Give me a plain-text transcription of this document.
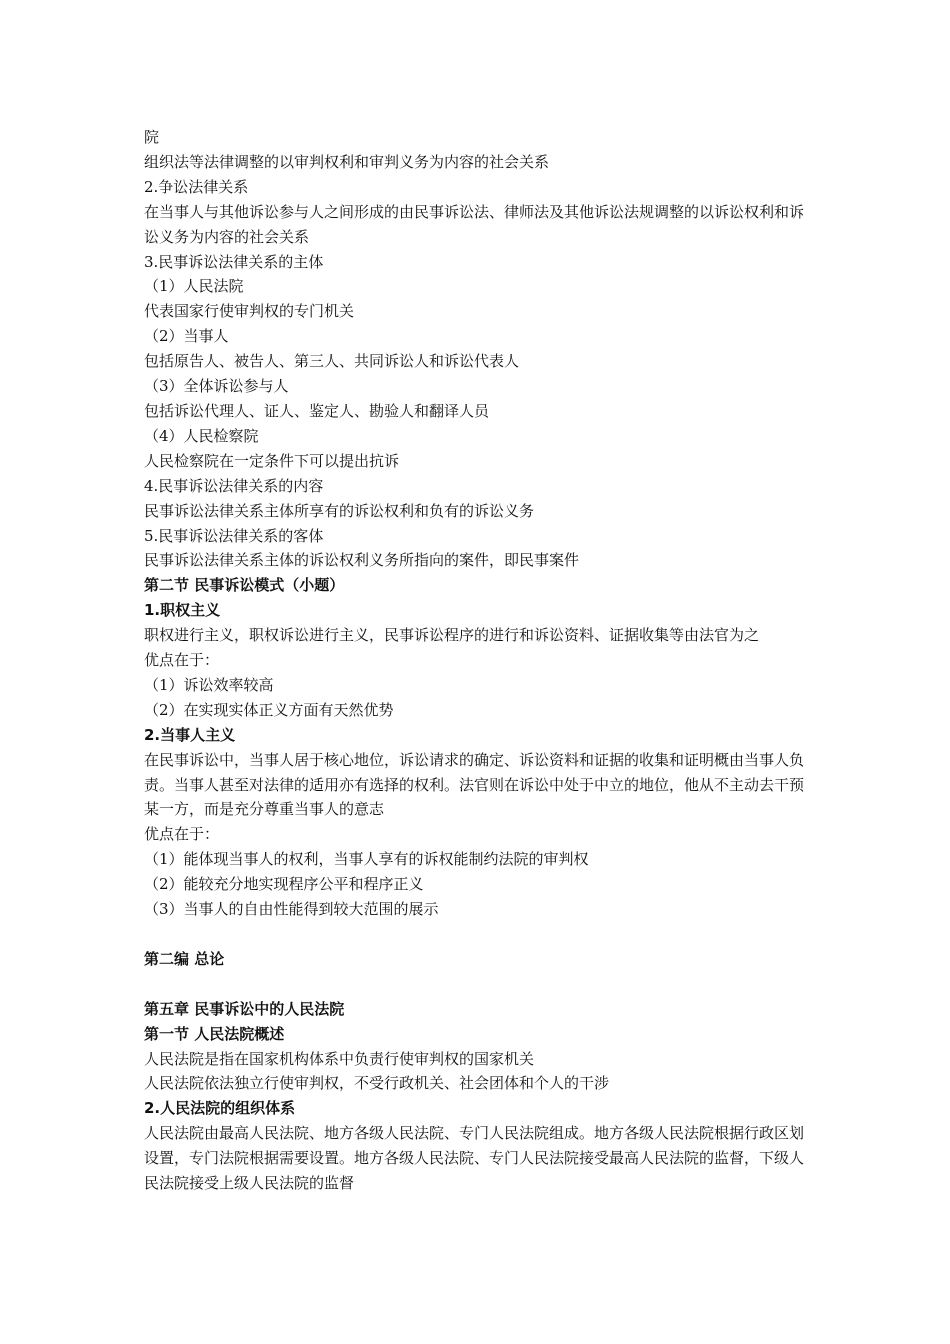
院
组织法等法律调整的以审判权利和审判义务为内容的社会关系
2.争讼法律关系
在当事人与其他诉讼参与人之间形成的由民事诉讼法、律师法及其他诉讼法规调整的以诉讼权利和诉讼义务为内容的社会关系
3.民事诉讼法律关系的主体
（1）人民法院
代表国家行使审判权的专门机关
（2）当事人
包括原告人、被告人、第三人、共同诉讼人和诉讼代表人
（3）全体诉讼参与人
包括诉讼代理人、证人、鉴定人、勘验人和翻译人员
（4）人民检察院
人民检察院在一定条件下可以提出抗诉
4.民事诉讼法律关系的内容
民事诉讼法律关系主体所享有的诉讼权利和负有的诉讼义务
5.民事诉讼法律关系的客体
民事诉讼法律关系主体的诉讼权利义务所指向的案件，即民事案件
第二节 民事诉讼模式（小题）
1.职权主义
职权进行主义，职权诉讼进行主义，民事诉讼程序的进行和诉讼资料、证据收集等由法官为之
优点在于：
（1）诉讼效率较高
（2）在实现实体正义方面有天然优势
2.当事人主义
在民事诉讼中，当事人居于核心地位，诉讼请求的确定、诉讼资料和证据的收集和证明概由当事人负责。当事人甚至对法律的适用亦有选择的权利。法官则在诉讼中处于中立的地位，他从不主动去干预某一方，而是充分尊重当事人的意志
优点在于：
（1）能体现当事人的权利，当事人享有的诉权能制约法院的审判权
（2）能较充分地实现程序公平和程序正义
（3）当事人的自由性能得到较大范围的展示
第二编 总论
第五章 民事诉讼中的人民法院
第一节 人民法院概述
人民法院是指在国家机构体系中负责行使审判权的国家机关
人民法院依法独立行使审判权，不受行政机关、社会团体和个人的干涉
2.人民法院的组织体系
人民法院由最高人民法院、地方各级人民法院、专门人民法院组成。地方各级人民法院根据行政区划设置，专门法院根据需要设置。地方各级人民法院、专门人民法院接受最高人民法院的监督，下级人民法院接受上级人民法院的监督
